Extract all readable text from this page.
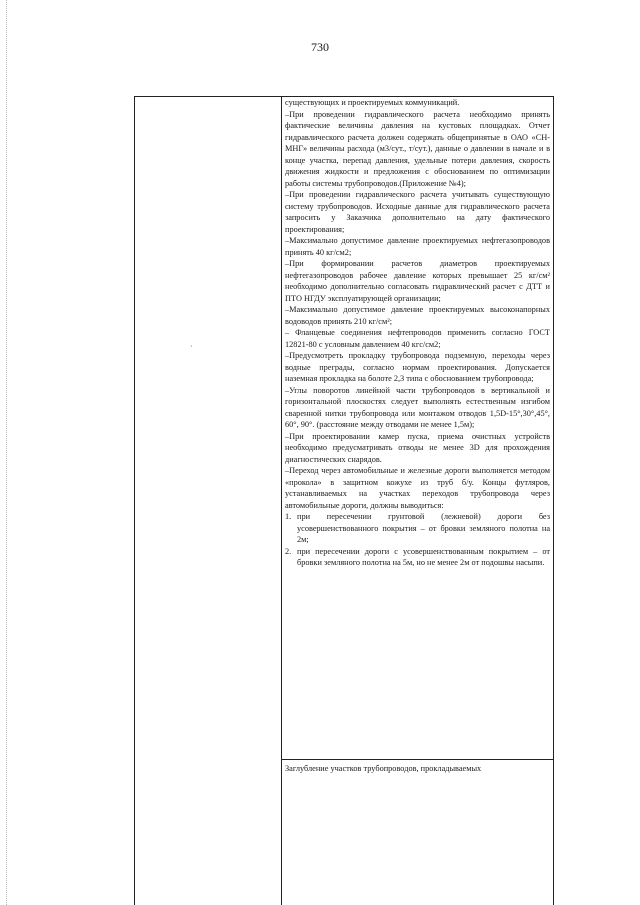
730
·

существующих и проектируемых коммуникаций.

–При проведении гидравлического расчета необходимо принять фактические величины давления на кустовых площадках. Отчет гидравлического расчета должен содержать общепринятые в ОАО «СН-МНГ» величины расхода (м3/сут., т/сут.), данные о давлении в начале и в конце участка, перепад давления, удельные потери давления, скорость движения жидкости и предложения с обоснованием по оптимизации работы системы трубопроводов.(Приложение №4);

–При проведении гидравлического расчета учитывать существующую систему трубопроводов. Исходные данные для гидравлического расчета запросить у Заказчика дополнительно на дату фактического проектирования;

–Максимально допустимое давление проектируемых нефтегазопроводов принять 40 кг/см2;

–При формировании расчетов диаметров проектируемых нефтегазопроводов рабочее давление которых превышает 25 кг/см² необходимо дополнительно согласовать гидравлический расчет с ДТТ и ПТО НГДУ эксплуатирующей организации;

–Максимально допустимое давление проектируемых высоконапорных водоводов принять 210 кг/см²;

– Фланцевые соединения нефтепроводов применить согласно ГОСТ 12821-80 с условным давлением 40 кгс/см2;

–Предусмотреть прокладку трубопровода подземную, переходы через водные преграды, согласно нормам проектирования. Допускается наземная прокладка на болоте 2,3 типа с обоснованием трубопровода;

–Углы поворотов линейной части трубопроводов в вертикальной и горизонтальной плоскостях следует выполнять естественным изгибом сваренной нитки трубопровода или монтажом отводов 1,5D-15°,30°,45°, 60°, 90°. (расстояние между отводами не менее 1,5м);

–При проектировании камер пуска, приема очистных устройств необходимо предусматривать отводы не менее 3D для прохождения диагностических снарядов.

–Переход через автомобильные и железные дороги выполняется методом «прокола» в защитном кожухе из труб б/у. Концы футляров, устанавливаемых на участках переходов трубопровода через автомобильные дороги, должны выводиться:

1. при пересечении грунтовой (лежневой) дороги без усовершенствованного покрытия – от бровки земляного полотна на 2м;
2. при пересечении дороги с усовершенствованным покрытием – от бровки земляного полотна на 5м, но не менее 2м от подошвы насыпи.

Заглубление участков трубопроводов, прокладываемых
